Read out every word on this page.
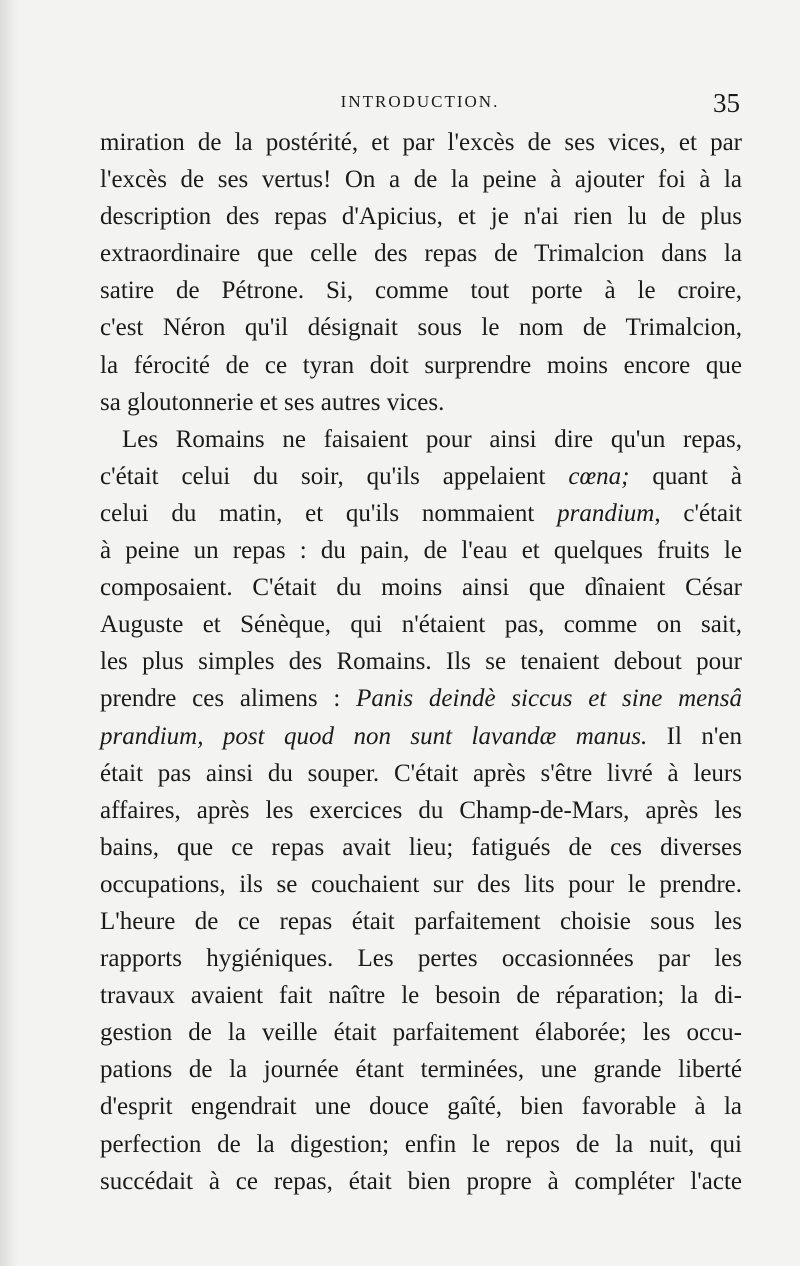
INTRODUCTION.	35
miration de la postérité, et par l'excès de ses vices, et par
l'excès de ses vertus! On a de la peine à ajouter foi à la
description des repas d'Apicius, et je n'ai rien lu de plus
extraordinaire que celle des repas de Trimalcion dans la
satire de Pétrone. Si, comme tout porte à le croire,
c'est Néron qu'il désignait sous le nom de Trimalcion,
la férocité de ce tyran doit surprendre moins encore que
sa gloutonnerie et ses autres vices.
Les Romains ne faisaient pour ainsi dire qu'un repas,
c'était celui du soir, qu'ils appelaient cœna; quant à
celui du matin, et qu'ils nommaient prandium, c'était
à peine un repas : du pain, de l'eau et quelques fruits le
composaient. C'était du moins ainsi que dînaient César
Auguste et Sénèque, qui n'étaient pas, comme on sait,
les plus simples des Romains. Ils se tenaient debout pour
prendre ces alimens : Panis deindè siccus et sine mensâ
prandium, post quod non sunt lavandæ manus. Il n'en
était pas ainsi du souper. C'était après s'être livré à leurs
affaires, après les exercices du Champ-de-Mars, après les
bains, que ce repas avait lieu; fatigués de ces diverses
occupations, ils se couchaient sur des lits pour le prendre.
L'heure de ce repas était parfaitement choisie sous les
rapports hygiéniques. Les pertes occasionnées par les
travaux avaient fait naître le besoin de réparation; la di-
gestion de la veille était parfaitement élaborée; les occu-
pations de la journée étant terminées, une grande liberté
d'esprit engendrait une douce gaîté, bien favorable à la
perfection de la digestion; enfin le repos de la nuit, qui
succédait à ce repas, était bien propre à compléter l'acte
